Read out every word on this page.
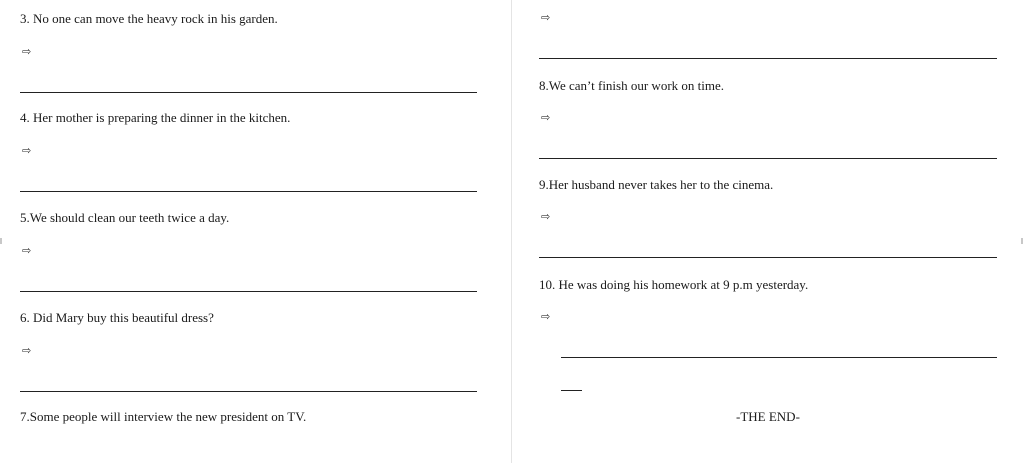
3. No one can move the heavy rock in his garden.
⇨
4. Her mother is preparing the dinner in the kitchen.
⇨
5.We should clean our teeth twice a day.
⇨
6. Did Mary buy this beautiful dress?
⇨
7.Some people will interview the new president on TV.
⇨
8.We can’t finish our work on time.
⇨
9.Her husband never takes her to the cinema.
⇨
10. He was doing his homework at 9 p.m yesterday.
⇨
-THE END-
